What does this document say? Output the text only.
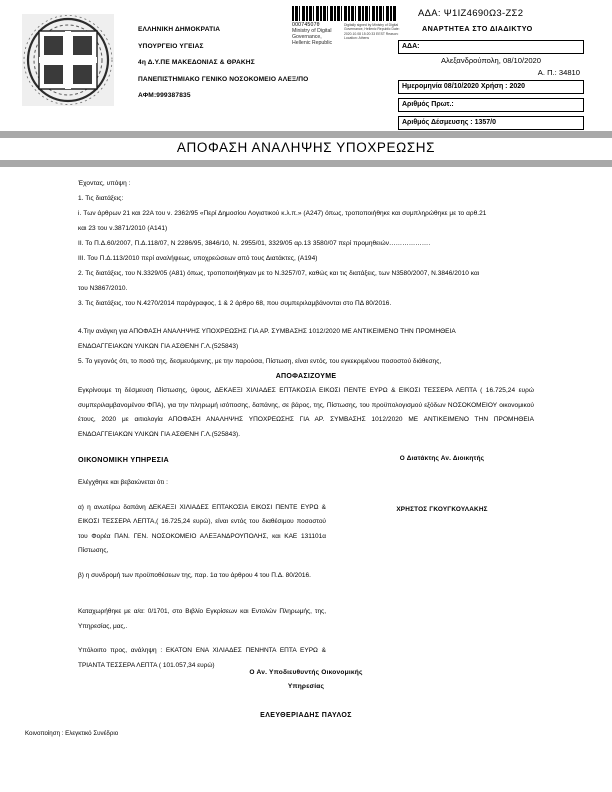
ΕΛΛΗΝΙΚΗ ΔΗΜΟΚΡΑΤΙΑ
ΥΠΟΥΡΓΕΙΟ ΥΓΕΙΑΣ
4η Δ.Υ.ΠΕ ΜΑΚΕΔΟΝΙΑΣ & ΘΡΑΚΗΣ
ΠΑΝΕΠΙΣΤΗΜΙΑΚΟ ΓΕΝΙΚΟ ΝΟΣΟΚΟΜΕΙΟ ΑΛΕΞ/ΠΟ
ΑΦΜ:999387835
00074507θ
Ministry of Digital
Governance,
Hellenic Republic
Digitally signed by Ministry of Digital Governance, Hellenic Republic Date: 2020.10.08 15:20:33 EEST Reason: Location: Athens
ΑΔΑ: Ψ1ΙΖ4690Ω3-ΖΣ2
ΑΝΑΡΤΗΤΕΑ ΣΤΟ ΔΙΑΔΙΚΤΥΟ
ΑΔΑ:
Αλεξανδρούπολη, 08/10/2020
Α. Π.: 34810
Ημερομηνία 08/10/2020 Χρήση : 2020
Αριθμός Πρωτ.:
Αριθμός Δέσμευσης : 1357/0
ΑΠΟΦΑΣΗ ΑΝΑΛΗΨΗΣ ΥΠΟΧΡΕΩΣΗΣ
Έχοντας, υπόψη :
1. Τις διατάξεις:
i. Των άρθρων 21 και 22Α του ν. 2362/95 «Περί Δημοσίου Λογιστικού κ.λ.π.» (Α247) όπως, τροποποιήθηκε και συμπληρώθηκε με το αρθ.21
και 23 του ν.3871/2010 (Α141)
ΙΙ. Το Π.Δ.60/2007, Π.Δ.118/07, Ν 2286/95, 3846/10, Ν. 2955/01, 3329/05 αρ.13 3580/07 περί προμηθειών……………….
ΙΙΙ. Του Π.Δ.113/2010 περί αναλήψεως, υποχρεώσεων από τους Διατάκτες, (Α194)
2. Τις διατάξεις, του Ν.3329/05 (Α81) όπως, τροποποιήθηκαν με το Ν.3257/07, καθώς και τις διατάξεις, των Ν3580/2007, Ν.3846/2010 και
του Ν3867/2010.
3. Τις διατάξεις, του Ν.4270/2014 παράγραφος, 1 & 2 άρθρο 68, που συμπεριλαμβάνονται στο ΠΔ 80/2016.
4.Την ανάγκη για ΑΠΟΦΑΣΗ ΑΝΑΛΗΨΗΣ ΥΠΟΧΡΕΩΣΗΣ ΓΙΑ ΑΡ. ΣΥΜΒΑΣΗΣ 1012/2020 ΜΕ ΑΝΤΙΚΕΙΜΕΝΟ ΤΗΝ ΠΡΟΜΗΘΕΙΑ
ΕΝΔΟΑΓΓΕΙΑΚΩΝ ΥΛΙΚΩΝ ΓΙΑ ΑΣΘΕΝΗ Γ.Λ.(525843)
5. Το γεγονός ότι, το ποσό της, δεσμευόμενης, με την παρούσα, Πίστωση, είναι εντός, του εγκεκριμένου ποσοστού διάθεσης,
ΑΠΟΦΑΣΙΖΟΥΜΕ
Εγκρίνουμε τη δέσμευση Πίστωσης, ύψους, ΔΕΚΑΕΞΙ ΧΙΛΙΑΔΕΣ ΕΠΤΑΚΟΣΙΑ ΕΙΚΟΣΙ ΠΕΝΤΕ ΕΥΡΩ & ΕΙΚΟΣΙ ΤΕΣΣΕΡΑ ΛΕΠΤΑ ( 16.725,24 ευρώ συμπεριλαμβανομένου ΦΠΑ), για την πληρωμή ισόποσης, δαπάνης, σε βάρος, της, Πίστωσης, του προϋπολογισμού εξόδων ΝΟΣΟΚΟΜΕΙΟΥ οικονομικού έτους, 2020 με αιτιολογία ΑΠΟΦΑΣΗ ΑΝΑΛΗΨΗΣ ΥΠΟΧΡΕΩΣΗΣ ΓΙΑ ΑΡ. ΣΥΜΒΑΣΗΣ 1012/2020 ΜΕ ΑΝΤΙΚΕΙΜΕΝΟ ΤΗΝ ΠΡΟΜΗΘΕΙΑ ΕΝΔΟΑΓΓΕΙΑΚΩΝ ΥΛΙΚΩΝ ΓΙΑ ΑΣΘΕΝΗ Γ.Λ.(525843).
ΟΙΚΟΝΟΜΙΚΗ ΥΠΗΡΕΣΙΑ
Ελέγχθηκε και βεβαιώνεται ότι :
α) η ανωτέρω δαπάνη ΔΕΚΑΕΞΙ ΧΙΛΙΑΔΕΣ ΕΠΤΑΚΟΣΙΑ ΕΙΚΟΣΙ ΠΕΝΤΕ ΕΥΡΩ & ΕΙΚΟΣΙ ΤΕΣΣΕΡΑ ΛΕΠΤΑ,( 16.725,24 ευρώ), είναι εντός του διαθέσιμου ποσοστού του Φορέα ΠΑΝ. ΓΕΝ. ΝΟΣΟΚΟΜΕΙΟ ΑΛΕΞΑΝΔΡΟΥΠΟΛΗΣ, και ΚΑΕ 131101α Πίστωσης,
β) η συνδρομή των προϋποθέσεων της, παρ. 1α του άρθρου 4 του Π.Δ. 80/2016.
Καταχωρήθηκε με α/α: 0/1701, στο Βιβλίο Εγκρίσεων και Εντολών Πληρωμής, της, Υπηρεσίας, μας,.
Υπόλοιπο προς, ανάληψη : ΕΚΑΤΟΝ ΕΝΑ ΧΙΛΙΑΔΕΣ ΠΕΝΗΝΤΑ ΕΠΤΑ ΕΥΡΩ & ΤΡΙΑΝΤΑ ΤΕΣΣΕΡΑ ΛΕΠΤΑ ( 101.057,34 ευρώ)
Ο Διατάκτης Αν. Διοικητής
ΧΡΗΣΤΟΣ ΓΚΟΥΓΚΟΥΛΑΚΗΣ
Ο Αν. Υποδιευθυντής Οικονομικής
Υπηρεσίας
ΕΛΕΥΘΕΡΙΑΔΗΣ ΠΑΥΛΟΣ
Κοινοποίηση : Ελεγκτικό Συνέδριο
